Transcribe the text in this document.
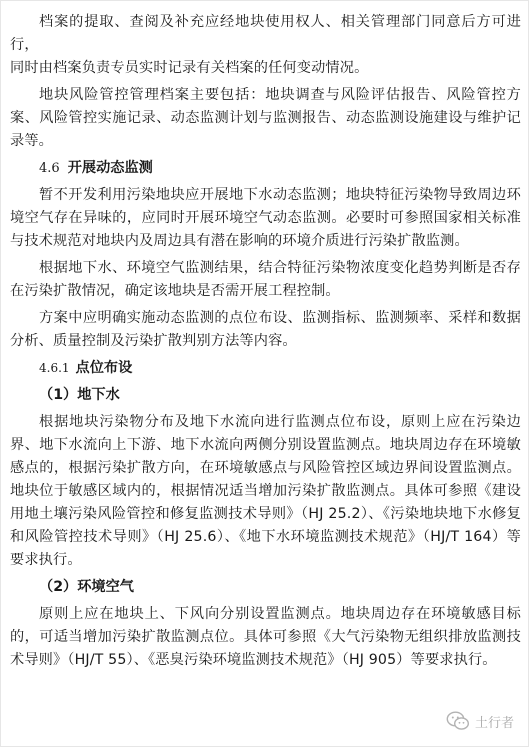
档案的提取、查阅及补充应经地块使用权人、相关管理部门同意后方可进行，
同时由档案负责专员实时记录有关档案的任何变动情况。

地块风险管控管理档案主要包括：地块调查与风险评估报告、风险管控方案、风险管控实施记录、动态监测计划与监测报告、动态监测设施建设与维护记录等。

4.6 开展动态监测

暂不开发利用污染地块应开展地下水动态监测；地块特征污染物导致周边环境空气存在异味的，应同时开展环境空气动态监测。必要时可参照国家相关标准与技术规范对地块内及周边具有潜在影响的环境介质进行污染扩散监测。

根据地下水、环境空气监测结果，结合特征污染物浓度变化趋势判断是否存在污染扩散情况，确定该地块是否需开展工程控制。

方案中应明确实施动态监测的点位布设、监测指标、监测频率、采样和数据分析、质量控制及污染扩散判别方法等内容。

4.6.1 点位布设
（1）地下水

根据地块污染物分布及地下水流向进行监测点位布设，原则上应在污染边界、地下水流向上下游、地下水流向两侧分别设置监测点。地块周边存在环境敏感点的，根据污染扩散方向，在环境敏感点与风险管控区域边界间设置监测点。地块位于敏感区域内的，根据情况适当增加污染扩散监测点。具体可参照《建设用地土壤污染风险管控和修复监测技术导则》（HJ 25.2）、《污染地块地下水修复和风险管控技术导则》（HJ 25.6）、《地下水环境监测技术规范》（HJ/T 164）等要求执行。

（2）环境空气

原则上应在地块上、下风向分别设置监测点。地块周边存在环境敏感目标的，可适当增加污染扩散监测点位。具体可参照《大气污染物无组织排放监测技术导则》（HJ/T 55）、《恶臭污染环境监测技术规范》（HJ 905）等要求执行。

土行者
